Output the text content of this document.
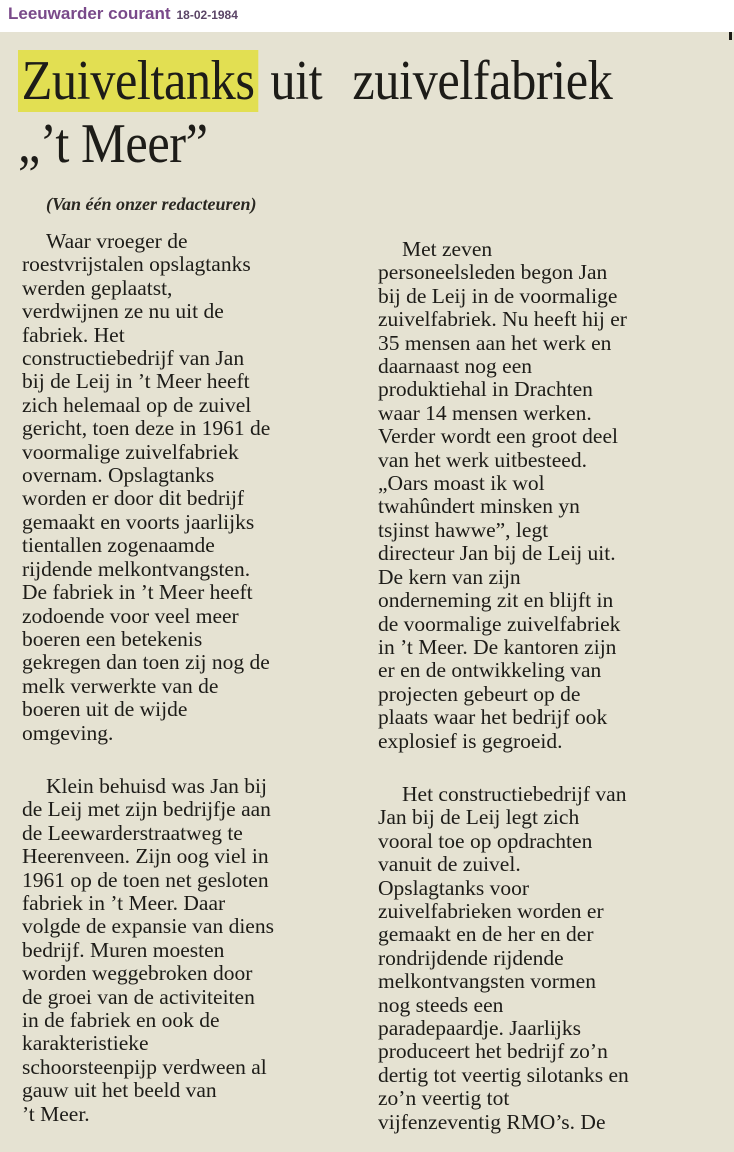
Leeuwarder courant 18-02-1984
Zuiveltanks uit zuivelfabriek
„’t Meer”
(Van één onzer redacteuren)
Waar vroeger de
roestvrijstalen opslagtanks
werden geplaatst,
verdwijnen ze nu uit de
fabriek. Het
constructiebedrijf van Jan
bij de Leij in ’t Meer heeft
zich helemaal op de zuivel
gericht, toen deze in 1961 de
voormalige zuivelfabriek
overnam. Opslagtanks
worden er door dit bedrijf
gemaakt en voorts jaarlijks
tientallen zogenaamde
rijdende melkontvangsten.
De fabriek in ’t Meer heeft
zodoende voor veel meer
boeren een betekenis
gekregen dan toen zij nog de
melk verwerkte van de
boeren uit de wijde
omgeving.
Klein behuisd was Jan bij
de Leij met zijn bedrijfje aan
de Leewarderstraatweg te
Heerenveen. Zijn oog viel in
1961 op de toen net gesloten
fabriek in ’t Meer. Daar
volgde de expansie van diens
bedrijf. Muren moesten
worden weggebroken door
de groei van de activiteiten
in de fabriek en ook de
karakteristieke
schoorsteenpijp verdween al
gauw uit het beeld van
’t Meer.
Met zeven
personeelsleden begon Jan
bij de Leij in de voormalige
zuivelfabriek. Nu heeft hij er
35 mensen aan het werk en
daarnaast nog een
produktiehal in Drachten
waar 14 mensen werken.
Verder wordt een groot deel
van het werk uitbesteed.
„Oars moast ik wol
twahûndert minsken yn
tsjinst hawwe”, legt
directeur Jan bij de Leij uit.
De kern van zijn
onderneming zit en blijft in
de voormalige zuivelfabriek
in ’t Meer. De kantoren zijn
er en de ontwikkeling van
projecten gebeurt op de
plaats waar het bedrijf ook
explosief is gegroeid.
Het constructiebedrijf van
Jan bij de Leij legt zich
vooral toe op opdrachten
vanuit de zuivel.
Opslagtanks voor
zuivelfabrieken worden er
gemaakt en de her en der
rondrijdende rijdende
melkontvangsten vormen
nog steeds een
paradepaardje. Jaarlijks
produceert het bedrijf zo’n
dertig tot veertig silotanks en
zo’n veertig tot
vijfenzeventig RMO’s. De
